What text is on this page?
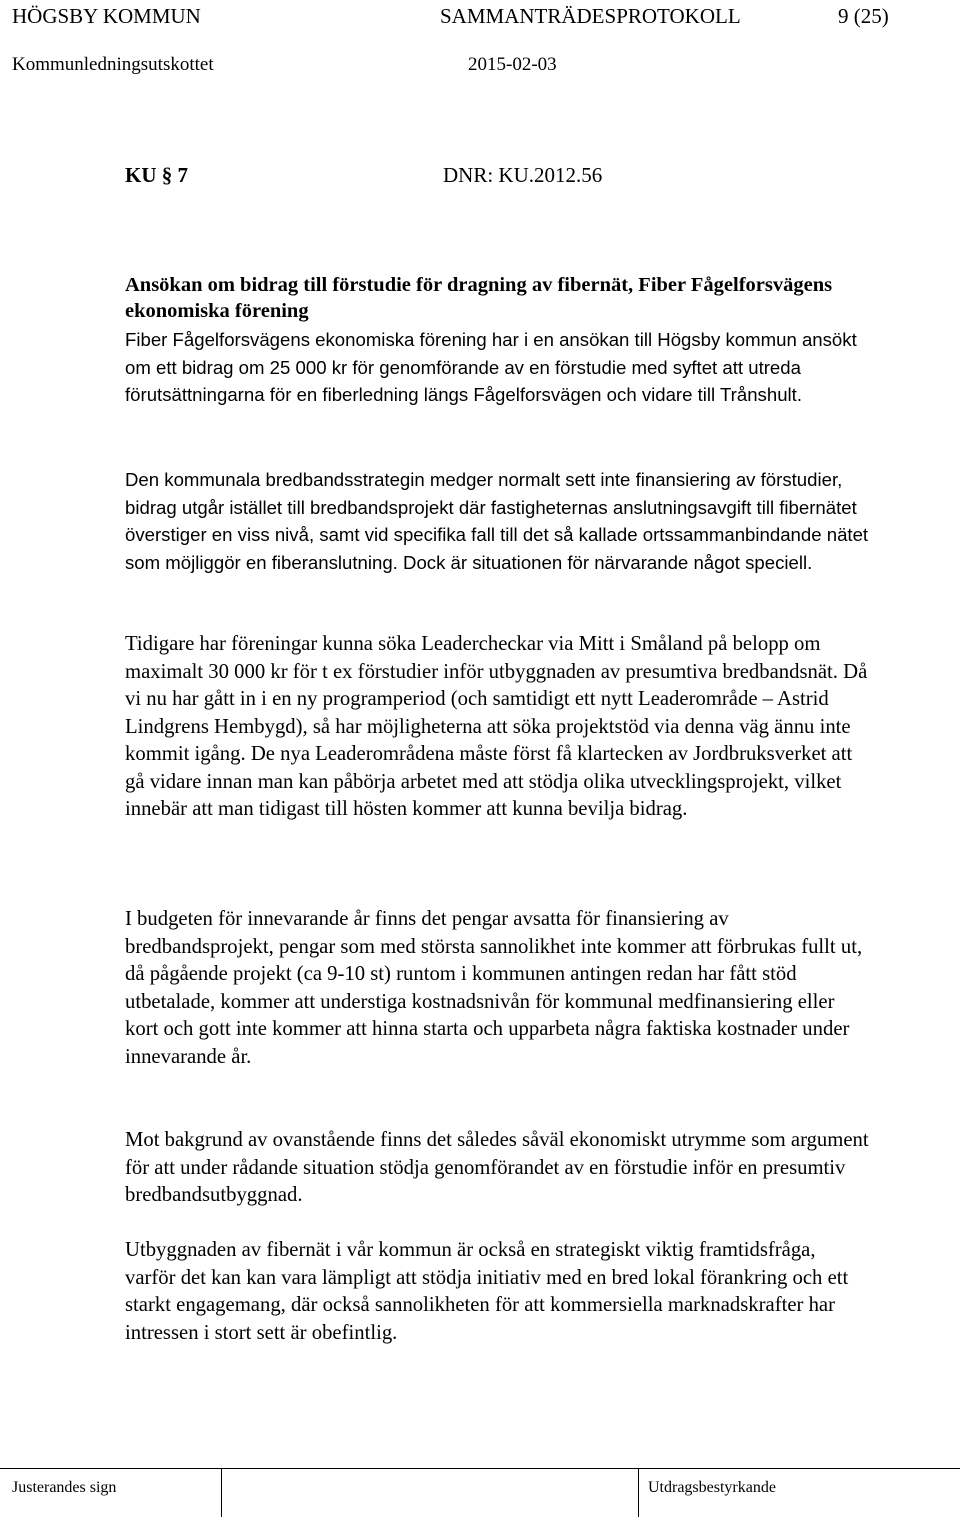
HÖGSBY KOMMUN	SAMMANTRÄDESPROTOKOLL	9 (25)
Kommunledningsutskottet	2015-02-03
KU § 7	DNR: KU.2012.56
Ansökan om bidrag till förstudie för dragning av fibernät, Fiber Fågelforsvägens ekonomiska förening
Fiber Fågelforsvägens ekonomiska förening har i en ansökan till Högsby kommun ansökt om ett bidrag om 25 000 kr för genomförande av en förstudie med syftet att utreda förutsättningarna för en fiberledning längs Fågelforsvägen och vidare till Trånshult.
Den kommunala bredbandsstrategin medger normalt sett inte finansiering av förstudier, bidrag utgår istället till bredbandsprojekt där fastigheternas anslutningsavgift till fibernätet överstiger en viss nivå, samt vid specifika fall till det så kallade ortssammanbindande nätet som möjliggör en fiberanslutning. Dock är situationen för närvarande något speciell.
Tidigare har föreningar kunna söka Leadercheckar via Mitt i Småland på belopp om maximalt 30 000 kr för t ex förstudier inför utbyggnaden av presumtiva bredbandsnät. Då vi nu har gått in i en ny programperiod (och samtidigt ett nytt Leaderområde – Astrid Lindgrens Hembygd), så har möjligheterna att söka projektstöd via denna väg ännu inte kommit igång. De nya Leaderområdena måste först få klartecken av Jordbruksverket att gå vidare innan man kan påbörja arbetet med att stödja olika utvecklingsprojekt, vilket innebär att man tidigast till hösten kommer att kunna bevilja bidrag.
I budgeten för innevarande år finns det pengar avsatta för finansiering av bredbandsprojekt, pengar som med största sannolikhet inte kommer att förbrukas fullt ut, då pågående projekt (ca 9-10 st) runtom i kommunen antingen redan har fått stöd utbetalade, kommer att understiga kostnadsnivån för kommunal medfinansiering eller kort och gott inte kommer att hinna starta och upparbeta några faktiska kostnader under innevarande år.
Mot bakgrund av ovanstående finns det således såväl ekonomiskt utrymme som argument för att under rådande situation stödja genomförandet av en förstudie inför en presumtiv bredbandsutbyggnad.
Utbyggnaden av fibernät i vår kommun är också en strategiskt viktig framtidsfråga, varför det kan kan vara lämpligt att stödja initiativ med en bred lokal förankring och ett starkt engagemang, där också sannolikheten för att kommersiella marknadskrafter har intressen i stort sett är obefintlig.
Justerandes sign	Utdragsbestyrkande
